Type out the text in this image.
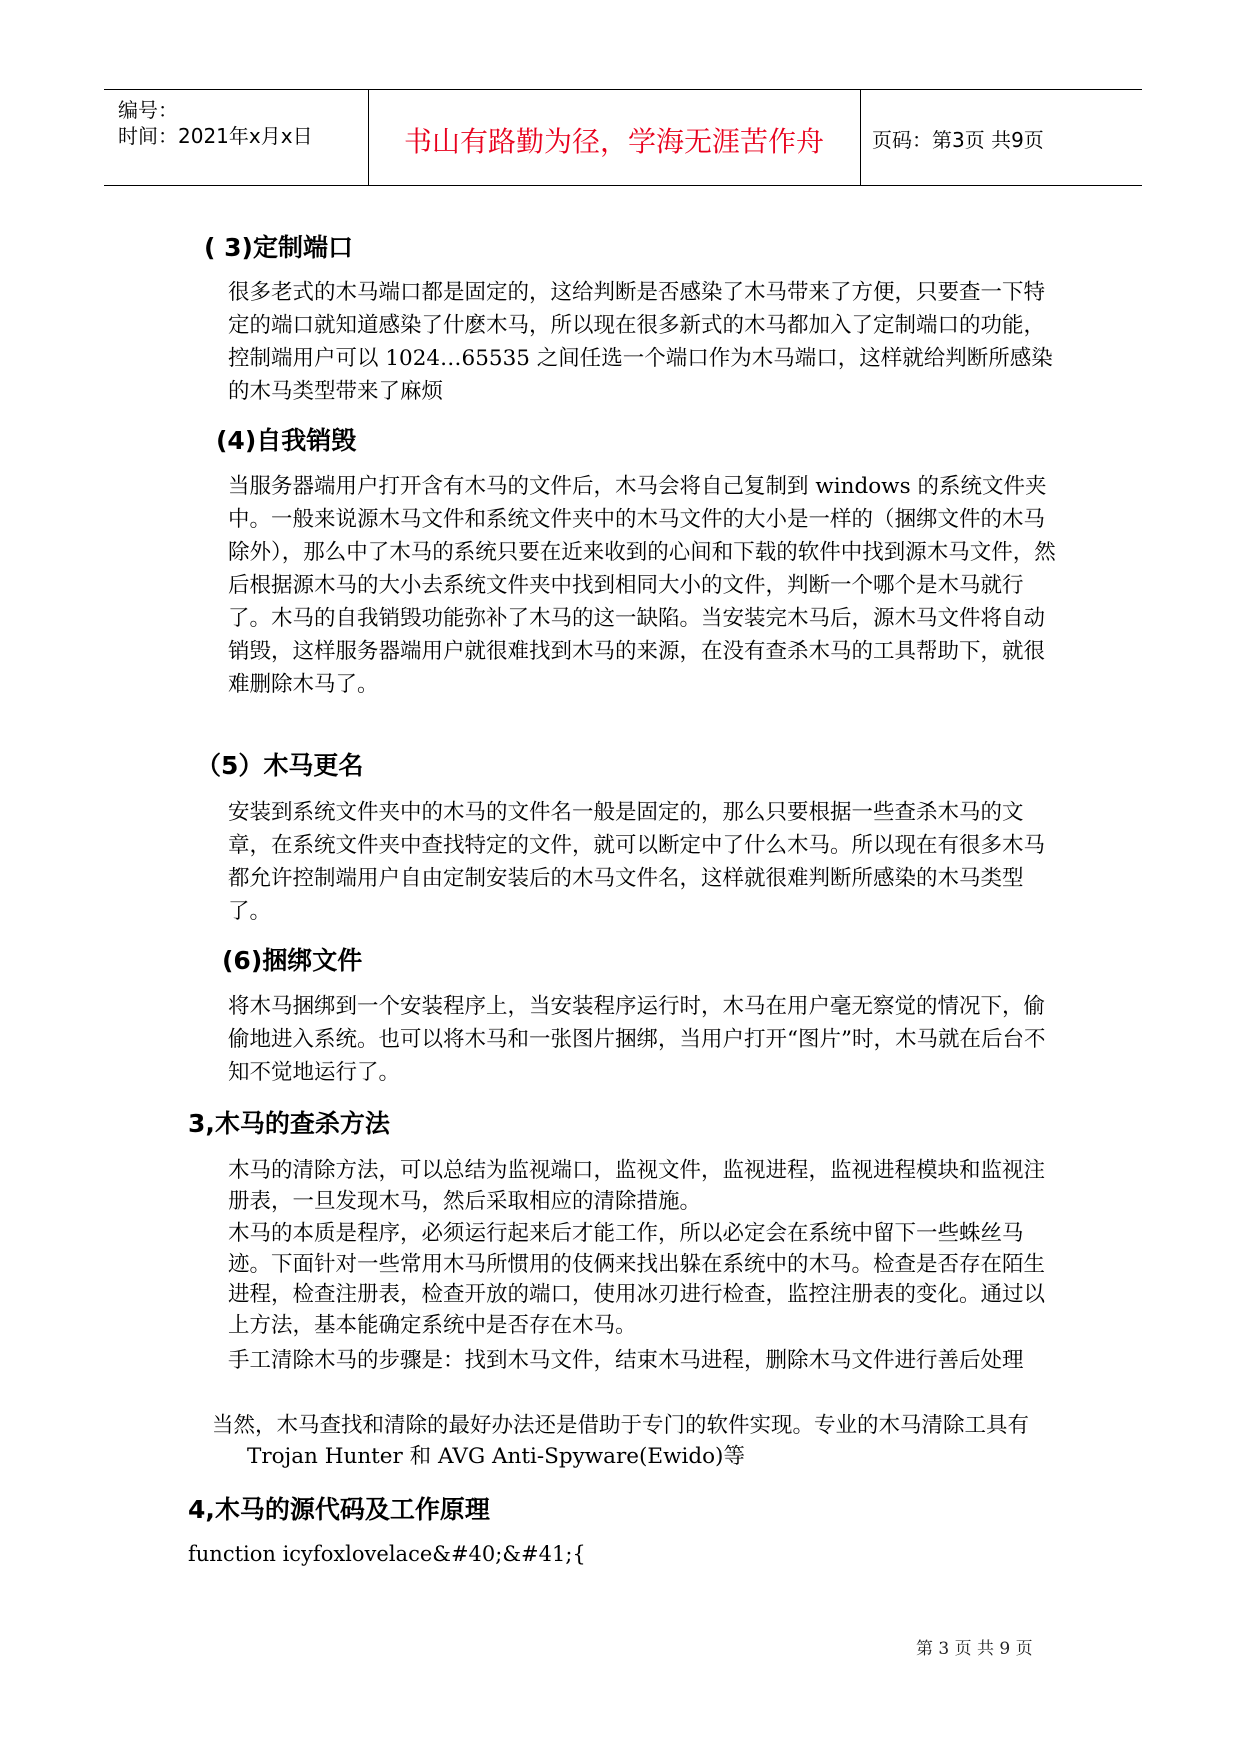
编号：
时间：2021年x月x日	书山有路勤为径，学海无涯苦作舟	页码：第3页 共9页
( 3)定制端口

很多老式的木马端口都是固定的，这给判断是否感染了木马带来了方便，只要查一下特定的端口就知道感染了什麽木马，所以现在很多新式的木马都加入了定制端口的功能，控制端用户可以 1024…65535 之间任选一个端口作为木马端口，这样就给判断所感染的木马类型带来了麻烦

(4)自我销毁

当服务器端用户打开含有木马的文件后，木马会将自己复制到 windows 的系统文件夹中。一般来说源木马文件和系统文件夹中的木马文件的大小是一样的（捆绑文件的木马除外），那么中了木马的系统只要在近来收到的心间和下载的软件中找到源木马文件，然后根据源木马的大小去系统文件夹中找到相同大小的文件，判断一个哪个是木马就行了。木马的自我销毁功能弥补了木马的这一缺陷。当安装完木马后，源木马文件将自动销毁，这样服务器端用户就很难找到木马的来源，在没有查杀木马的工具帮助下，就很难删除木马了。

（5）木马更名

安装到系统文件夹中的木马的文件名一般是固定的，那么只要根据一些查杀木马的文章，在系统文件夹中查找特定的文件，就可以断定中了什么木马。所以现在有很多木马都允许控制端用户自由定制安装后的木马文件名，这样就很难判断所感染的木马类型了。

(6)捆绑文件

将木马捆绑到一个安装程序上，当安装程序运行时，木马在用户毫无察觉的情况下，偷偷地进入系统。也可以将木马和一张图片捆绑，当用户打开“图片”时，木马就在后台不知不觉地运行了。

3,木马的查杀方法

木马的清除方法，可以总结为监视端口，监视文件，监视进程，监视进程模块和监视注册表，一旦发现木马，然后采取相应的清除措施。

木马的本质是程序，必须运行起来后才能工作，所以必定会在系统中留下一些蛛丝马迹。下面针对一些常用木马所惯用的伎俩来找出躲在系统中的木马。检查是否存在陌生进程，检查注册表，检查开放的端口，使用冰刃进行检查，监控注册表的变化。通过以上方法，基本能确定系统中是否存在木马。

手工清除木马的步骤是：找到木马文件，结束木马进程，删除木马文件进行善后处理

当然，木马查找和清除的最好办法还是借助于专门的软件实现。专业的木马清除工具有 Trojan Hunter 和 AVG Anti-Spyware(Ewido)等

4,木马的源代码及工作原理
function icyfoxlovelace&#40;&#41;{
第 3 页 共 9 页
